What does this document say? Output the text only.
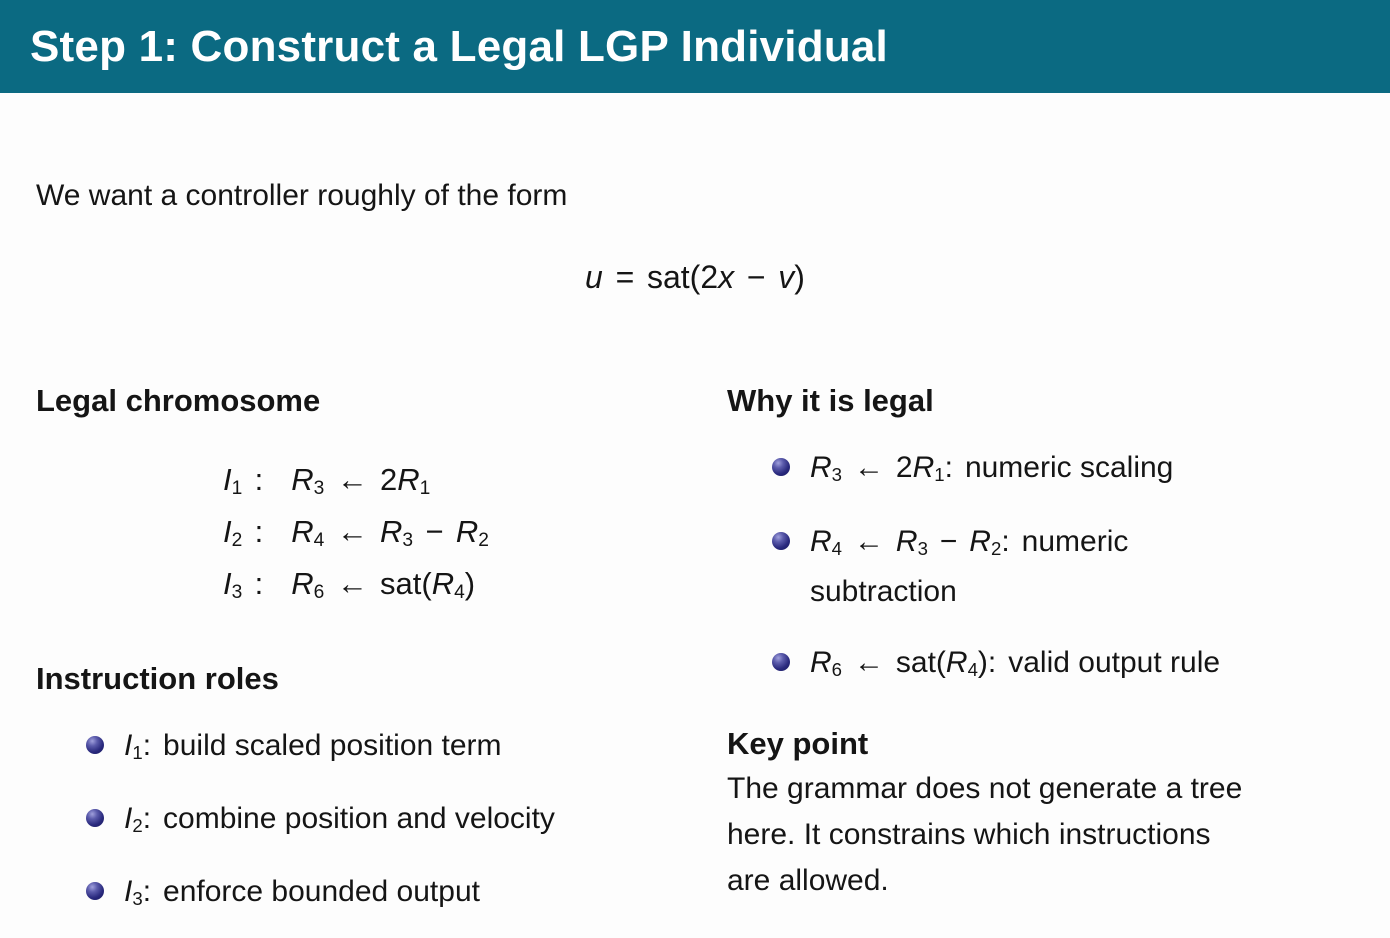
Step 1: Construct a Legal LGP Individual
We want a controller roughly of the form
u = sat(2x − v)
Legal chromosome
$I_1$ : $R_3$ ← $2R_1$
$I_2$ : $R_4$ ← $R_3 - R_2$
$I_3$ : $R_6$ ← $sat(R_4)$
Instruction roles
$I_1$: build scaled position term
$I_2$: combine position and velocity
$I_3$: enforce bounded output
Why it is legal
$R_3$ ← $2R_1$: numeric scaling
$R_4$ ← $R_3 - R_2$: numeric
subtraction
$R_6$ ← $sat(R_4)$: valid output rule
Key point
The grammar does not generate a tree
here. It constrains which instructions
are allowed.
